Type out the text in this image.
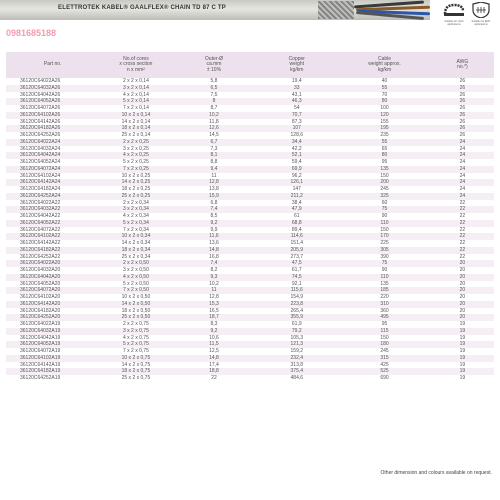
ELETTROTEK KABEL® GAALFLEX® CHAIN TD 87 C TP
0981685188
Suitable for chain applications
Suitable for EMC applications
Part no.	No.of cores
x cross section
n x mm²	Outer-Ø
ca.mm
± 10%	Copper
weight
kg/km	Cable
weight approx.
kg/km	AWG
no.*)
36120C64022A26	2 x 2 x 0,14	5,8	19,4	40	26
36120C64032A26	3 x 2 x 0,14	6,5	33	55	26
36120C64042A26	4 x 2 x 0,14	7,5	43,1	70	26
36120C64052A26	5 x 2 x 0,14	8	46,3	80	26
36120C64072A26	7 x 2 x 0,14	8,7	54	100	26
36120C64102A26	10 x 2 x 0,14	10,2	70,7	120	26
36120C64142A26	14 x 2 x 0,14	11,8	87,3	155	26
36120C64182A26	18 x 2 x 0,14	12,6	107	195	26
36120C64252A26	25 x 2 x 0,14	14,5	128,6	235	26
36120C64022A24	2 x 2 x 0,25	6,7	34,4	55	24
36120C64032A24	3 x 2 x 0,25	7,3	42,2	65	24
36120C64042A24	4 x 2 x 0,25	8,1	52,1	80	24
36120C64052A24	5 x 2 x 0,25	8,8	59,4	95	24
36120C64072A24	7 x 2 x 0,25	9,4	69,9	135	24
36120C64102A24	10 x 2 x 0,25	11	96,2	150	24
36120C64142A24	14 x 2 x 0,25	12,8	126,1	200	24
36120C64182A24	18 x 2 x 0,25	13,8	147	245	24
36120C64252A24	25 x 2 x 0,25	15,9	211,2	325	24
36120C64022A22	2 x 2 x 0,34	6,8	38,4	60	22
36120C64032A22	3 x 2 x 0,34	7,4	47,9	75	22
36120C64042A22	4 x 2 x 0,34	8,5	61	90	22
36120C64052A22	5 x 2 x 0,34	9,2	68,8	110	22
36120C64072A22	7 x 2 x 0,34	9,9	89,4	150	22
36120C64102A22	10 x 2 x 0,34	11,6	114,6	170	22
36120C64142A22	14 x 2 x 0,34	13,6	151,4	225	22
36120C64182A22	18 x 2 x 0,34	14,8	205,9	305	22
36120C64252A22	25 x 2 x 0,34	16,8	273,7	390	22
36120C64022A20	2 x 2 x 0,50	7,4	47,5	75	20
36120C64032A20	3 x 2 x 0,50	8,2	61,7	90	20
36120C64042A20	4 x 2 x 0,50	9,3	74,5	110	20
36120C64052A20	5 x 2 x 0,50	10,2	92,1	135	20
36120C64072A20	7 x 2 x 0,50	11	115,6	185	20
36120C64102A20	10 x 2 x 0,50	12,8	154,9	220	20
36120C64142A20	14 x 2 x 0,50	15,3	223,8	310	20
36120C64182A20	18 x 2 x 0,50	16,5	265,4	360	20
36120C64252A20	25 x 2 x 0,50	18,7	355,9	495	20
36120C64022A19	2 x 2 x 0,75	8,3	61,9	95	19
36120C64032A19	3 x 2 x 0,75	9,2	79,2	115	19
36120C64042A19	4 x 2 x 0,75	10,6	105,3	150	19
36120C64052A19	5 x 2 x 0,75	11,5	121,3	180	19
36120C64072A19	7 x 2 x 0,75	12,5	159,2	245	19
36120C64102A19	10 x 2 x 0,75	14,8	232,4	315	19
36120C64142A19	14 x 2 x 0,75	17,4	313,8	425	19
36120C64182A19	18 x 2 x 0,75	18,8	375,4	525	19
36120C64252A19	25 x 2 x 0,75	22	484,6	690	19
Other dimension and colours available on request.
